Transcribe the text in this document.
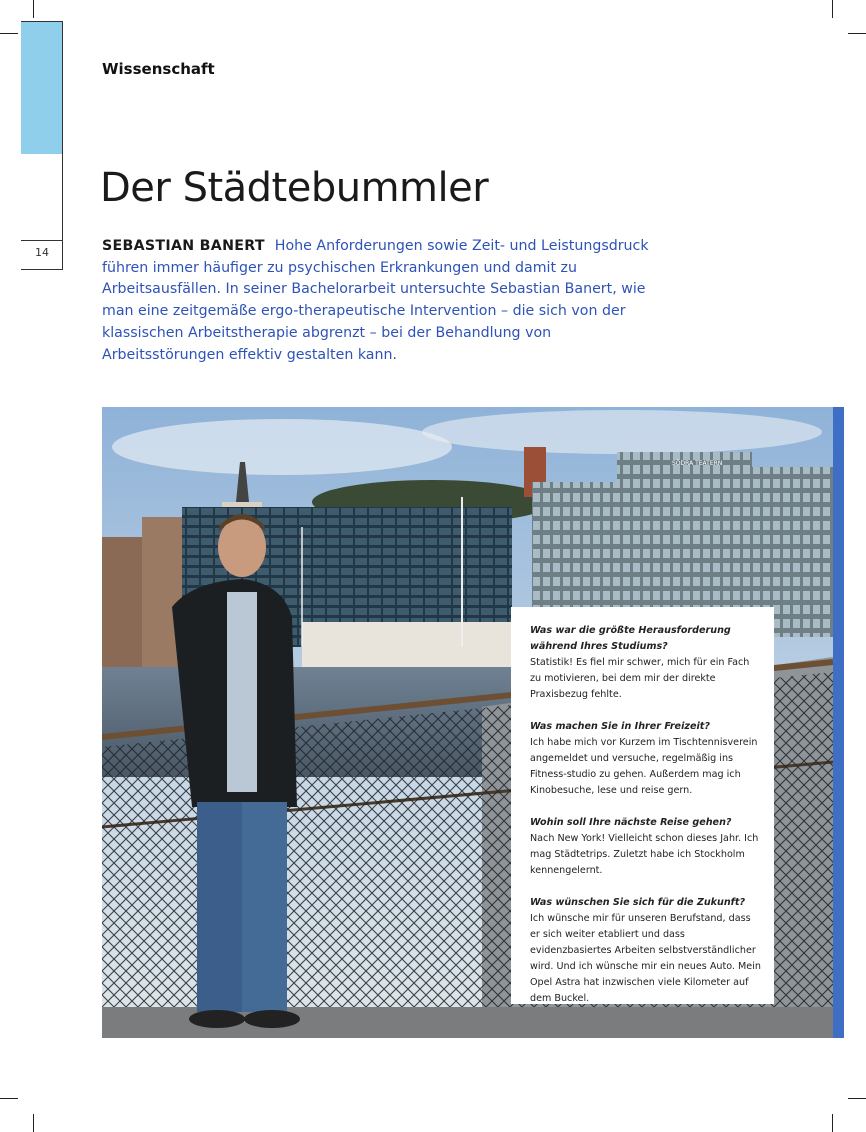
14
Wissenschaft
Der Städtebummler
SEBASTIAN BANERT Hohe Anforderungen sowie Zeit- und Leistungsdruck führen immer häufiger zu psychischen Erkrankungen und damit zu Arbeitsausfällen. In seiner Bachelorarbeit untersuchte Sebastian Banert, wie man eine zeitgemäße ergo-therapeutische Intervention – die sich von der klassischen Arbeitstherapie abgrenzt – bei der Behandlung von Arbeitsstörungen effektiv gestalten kann.
SÖDRA TEATERN
Was war die größte Herausforderung während Ihres Studiums?
Statistik! Es fiel mir schwer, mich für ein Fach zu motivieren, bei dem mir der direkte Praxisbezug fehlte.
Was machen Sie in Ihrer Freizeit?
Ich habe mich vor Kurzem im Tischtennisverein angemeldet und versuche, regelmäßig ins Fitness-studio zu gehen. Außerdem mag ich Kinobesuche, lese und reise gern.
Wohin soll Ihre nächste Reise gehen?
Nach New York! Vielleicht schon dieses Jahr. Ich mag Städtetrips. Zuletzt habe ich Stockholm kennengelernt.
Was wünschen Sie sich für die Zukunft?
Ich wünsche mir für unseren Berufstand, dass er sich weiter etabliert und dass evidenzbasiertes Arbeiten selbstverständlicher wird. Und ich wünsche mir ein neues Auto. Mein Opel Astra hat inzwischen viele Kilometer auf dem Buckel.
